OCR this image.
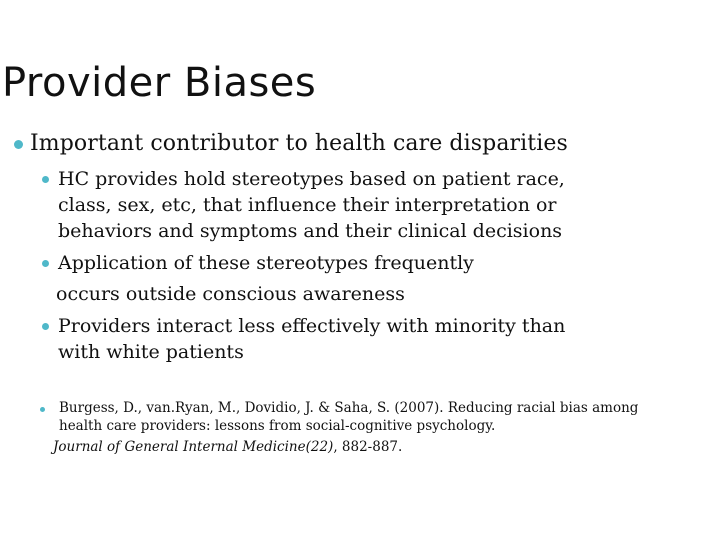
Provider Biases
Important contributor to health care disparities
HC provides hold stereotypes based on patient race,
class, sex, etc, that influence their interpretation or
behaviors and symptoms and their clinical decisions
Application of these stereotypes frequently
occurs outside conscious awareness
Providers interact less effectively with minority than
with white patients
Burgess, D., van.Ryan, M., Dovidio, J. & Saha, S. (2007). Reducing racial bias among
health care providers: lessons from social-cognitive psychology.
Journal of General Internal Medicine(22), 882-887.
